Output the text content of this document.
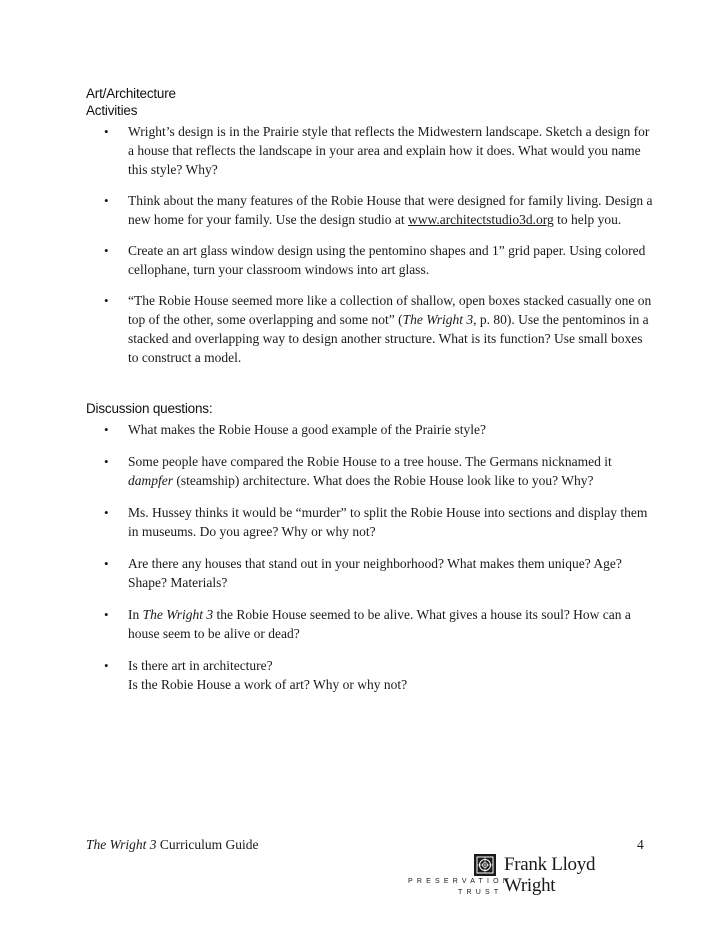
Art/Architecture
Activities
• Wright’s design is in the Prairie style that reflects the Midwestern landscape. Sketch a design for a house that reflects the landscape in your area and explain how it does. What would you name this style? Why?
• Think about the many features of the Robie House that were designed for family living. Design a new home for your family. Use the design studio at www.architectstudio3d.org to help you.
• Create an art glass window design using the pentomino shapes and 1” grid paper. Using colored cellophane, turn your classroom windows into art glass.
• “The Robie House seemed more like a collection of shallow, open boxes stacked casually one on top of the other, some overlapping and some not” (The Wright 3, p. 80). Use the pentominos in a stacked and overlapping way to design another structure. What is its function? Use small boxes to construct a model.
Discussion questions:
• What makes the Robie House a good example of the Prairie style?
• Some people have compared the Robie House to a tree house. The Germans nicknamed it dampfer (steamship) architecture. What does the Robie House look like to you? Why?
• Ms. Hussey thinks it would be “murder” to split the Robie House into sections and display them in museums. Do you agree? Why or why not?
• Are there any houses that stand out in your neighborhood? What makes them unique? Age? Shape? Materials?
• In The Wright 3 the Robie House seemed to be alive. What gives a house its soul? How can a house seem to be alive or dead?
• Is there art in architecture?
Is the Robie House a work of art? Why or why not?
The Wright 3 Curriculum Guide	4
Frank Lloyd
Wright
PRESERVATION
TRUST
